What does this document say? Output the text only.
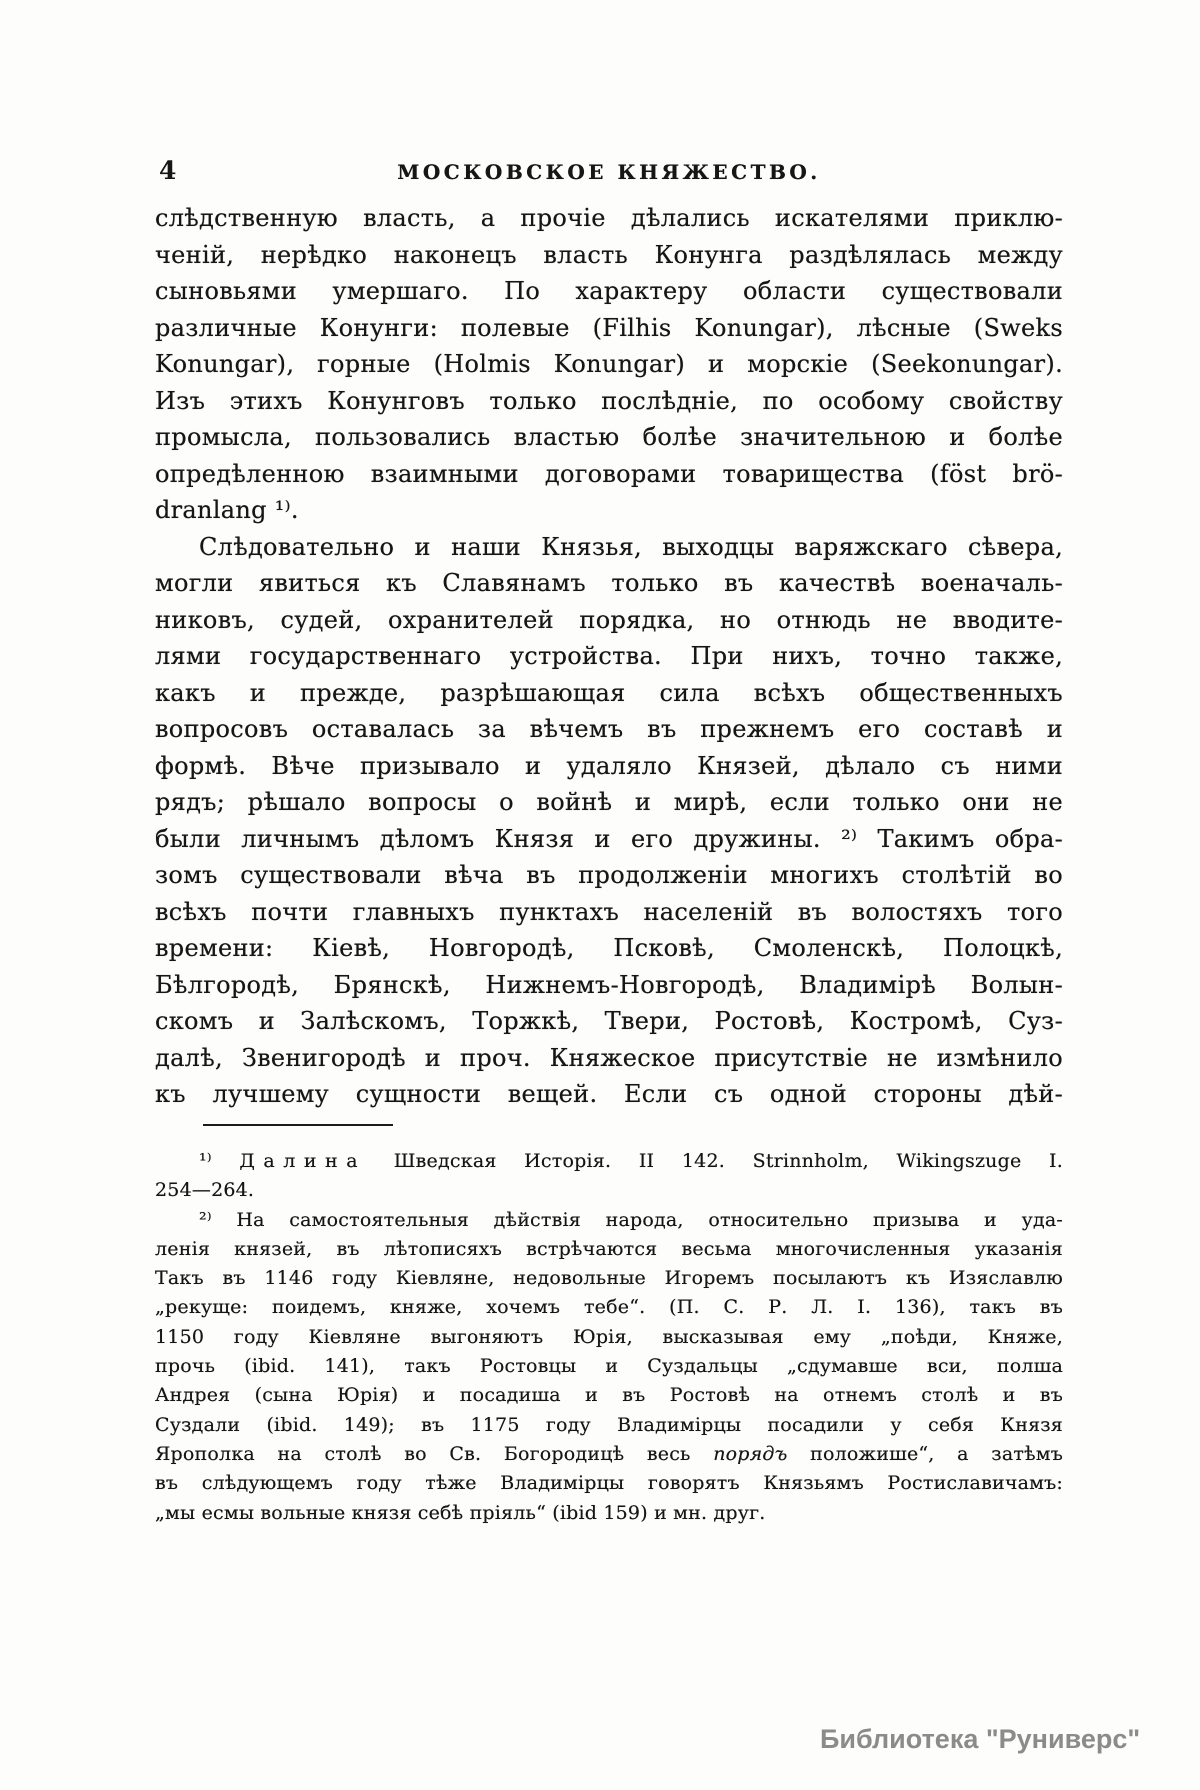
4	МОСКОВСКОЕ КНЯЖЕСТВО.
слѣдственную власть, а прочіе дѣлались искателями приклю-
ченій, нерѣдко наконецъ власть Конунга раздѣлялась между
сыновьями умершаго. По характеру области существовали
различные Конунги: полевые (Filhis Konungar), лѣсные (Sweks
Konungar), горные (Holmis Konungar) и морскіе (Seekonungar).
Изъ этихъ Конунговъ только послѣдніе, по особому свойству
промысла, пользовались властью болѣе значительною и болѣе
опредѣленною взаимными договорами товарищества (föst brö-
dranlang ¹⁾.
Слѣдовательно и наши Князья, выходцы варяжскаго сѣвера,
могли явиться къ Славянамъ только въ качествѣ военачаль-
никовъ, судей, охранителей порядка, но отнюдь не вводите-
лями государственнаго устройства. При нихъ, точно также,
какъ и прежде, разрѣшающая сила всѣхъ общественныхъ
вопросовъ оставалась за вѣчемъ въ прежнемъ его составѣ и
формѣ. Вѣче призывало и удаляло Князей, дѣлало съ ними
рядъ; рѣшало вопросы о войнѣ и мирѣ, если только они не
были личнымъ дѣломъ Князя и его дружины. ²⁾ Такимъ обра-
зомъ существовали вѣча въ продолженіи многихъ столѣтій во
всѣхъ почти главныхъ пунктахъ населеній въ волостяхъ того
времени: Кіевѣ, Новгородѣ, Псковѣ, Смоленскѣ, Полоцкѣ,
Бѣлгородѣ, Брянскѣ, Нижнемъ-Новгородѣ, Владимірѣ Волын-
скомъ и Залѣскомъ, Торжкѣ, Твери, Ростовѣ, Костромѣ, Суз-
далѣ, Звенигородѣ и проч. Княжеское присутствіе не измѣнило
къ лучшему сущности вещей. Если съ одной стороны дѣй-
¹⁾ Далина Шведская Исторія. II 142. Strinnholm, Wikingszuge I.
254—264.
²⁾ На самостоятельныя дѣйствія народа, относительно призыва и уда-
ленія князей, въ лѣтописяхъ встрѣчаются весьма многочисленныя указанія
Такъ въ 1146 году Кіевляне, недовольные Игоремъ посылаютъ къ Изяславлю
„рекуще: поидемъ, княже, хочемъ тебе“. (П. С. Р. Л. I. 136), такъ въ
1150 году Кіевляне выгоняютъ Юрія, высказывая ему „поѣди, Княже,
прочь (ibid. 141), такъ Ростовцы и Суздальцы „сдумавше вси, полша
Андрея (сына Юрія) и посадиша и въ Ростовѣ на отнемъ столѣ и въ
Суздали (ibid. 149); въ 1175 году Владимірцы посадили у себя Князя
Ярополка на столѣ во Св. Богородицѣ весь порядъ положише“, а затѣмъ
въ слѣдующемъ году тѣже Владимірцы говорятъ Князьямъ Ростиславичамъ:
„мы есмы вольные князя себѣ пріяль“ (ibid 159) и мн. друг.
Библиотека "Руниверс"
